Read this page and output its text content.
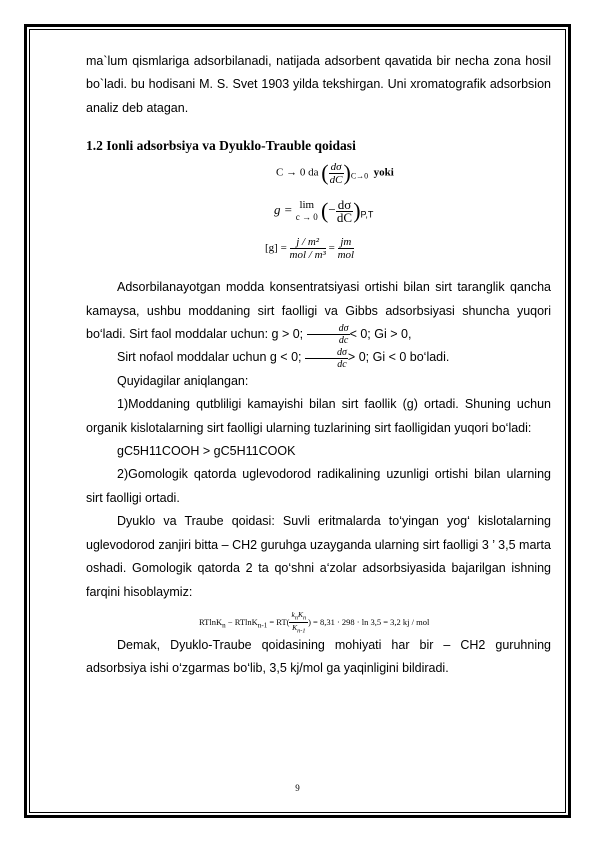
ma`lum qismlariga adsorbilanadi, natijada adsorbent qavatida bir necha zona hosil bo`ladi. bu hodisani M. S. Svet 1903 yilda tekshirgan. Uni xromatografik adsorbsion analiz deb atagan.

1.2 Ionli adsorbsiya va Dyuklo-Trauble qoidasi

C → 0 da ( $\frac{d\sigma}{dC} )_{C\to 0}$ yoki
g = lim
c → 0 (− $\frac{d\sigma}{dC} )_{P,T}$
$[g] = \frac{\text{j / m²}}{\text{mol / m³}} = \frac{jm}{\text{mol}}$

Adsorbilanayotgan modda konsentratsiyasi ortishi bilan sirt taranglik qancha kamaysa, ushbu moddaning sirt faolligi va Gibbs adsorbsiyasi shuncha yuqori bo‘ladi. Sirt faol moddalar uchun: g > 0; $\frac{d\sigma}{dc} < 0$; Gi > 0,

Sirt nofaol moddalar uchun g < 0; $\frac{d\sigma}{dc} > 0$; Gi < 0 bo‘ladi.

Quyidagilar aniqlangan:

1)Moddaning qutbliligi kamayishi bilan sirt faollik (g) ortadi. Shuning uchun organik kislotalarning sirt faolligi ularning tuzlarining sirt faolligidan yuqori bo‘ladi:

gC5H11COOH > gC5H11COOK

2)Gomologik qatorda uglevodorod radikalining uzunligi ortishi bilan ularning sirt faolligi ortadi.

Dyuklo va Traube qoidasi: Suvli eritmalarda to‘yingan yog‘ kislotalarning uglevodorod zanjiri bitta – CH2 guruhga uzayganda ularning sirt faolligi 3 ’ 3,5 marta oshadi. Gomologik qatorda 2 ta qo‘shni a‘zolar adsorbsiyasida bajarilgan ishning farqini hisoblaymiz:

$RTlnK_n - RTlnK_{n-1} = RT( \frac{k_nK_n}{K_{n-1}}$ ) = 8,31 · 298 · ln 3,5 = 3,2 kj / mol

Demak, Dyuklo-Traube qoidasining mohiyati har bir – CH2 guruhning adsorbsiya ishi o‘zgarmas bo‘lib, 3,5 kj/mol ga yaqinligini bildiradi.

9
